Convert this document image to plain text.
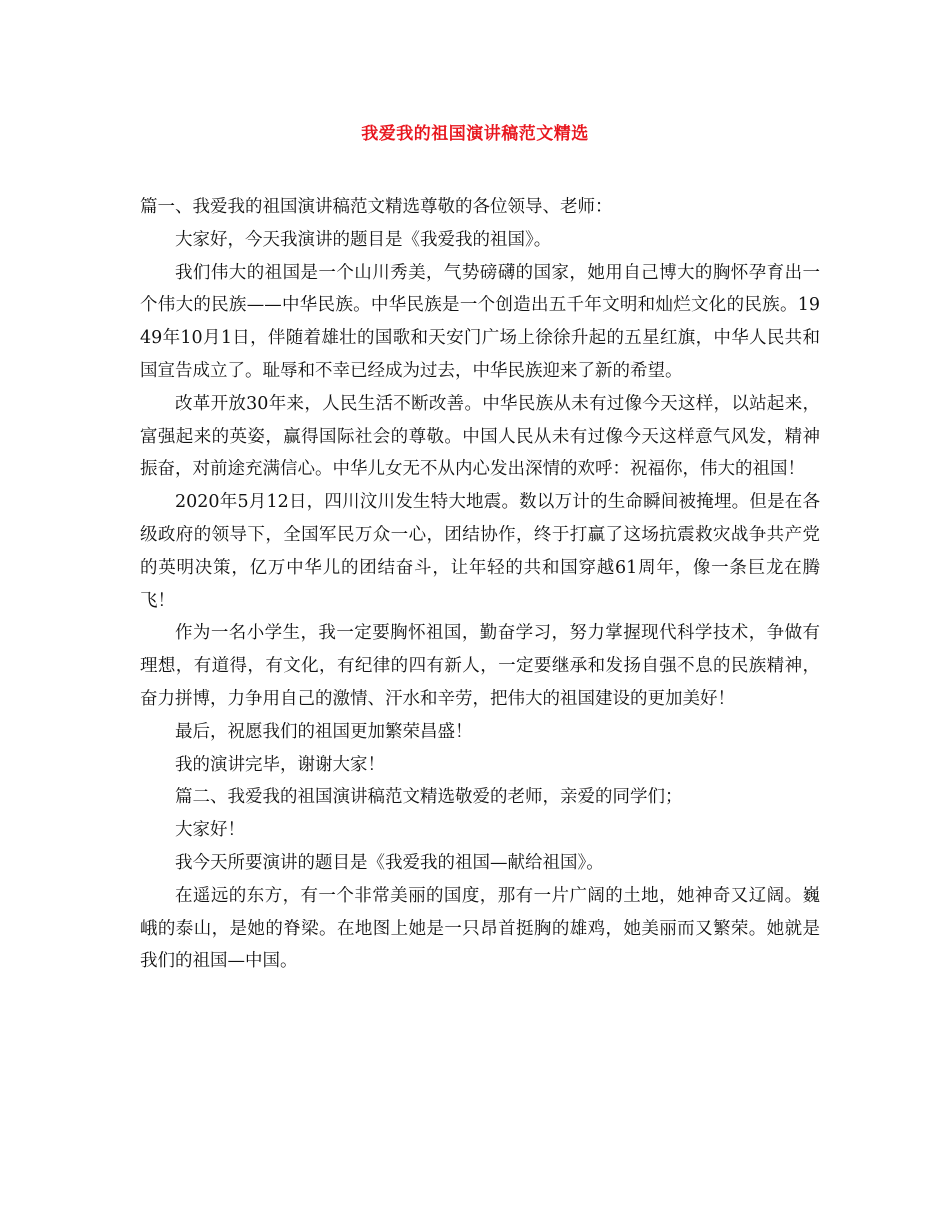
我爱我的祖国演讲稿范文精选

篇一、我爱我的祖国演讲稿范文精选尊敬的各位领导、老师：

大家好，今天我演讲的题目是《我爱我的祖国》。

我们伟大的祖国是一个山川秀美，气势磅礴的国家，她用自己博大的胸怀孕育出一个伟大的民族——中华民族。中华民族是一个创造出五千年文明和灿烂文化的民族。1949年10月1日，伴随着雄壮的国歌和天安门广场上徐徐升起的五星红旗，中华人民共和国宣告成立了。耻辱和不幸已经成为过去，中华民族迎来了新的希望。

改革开放30年来，人民生活不断改善。中华民族从未有过像今天这样，以站起来，富强起来的英姿，赢得国际社会的尊敬。中国人民从未有过像今天这样意气风发，精神振奋，对前途充满信心。中华儿女无不从内心发出深情的欢呼：祝福你，伟大的祖国！

2020年5月12日，四川汶川发生特大地震。数以万计的生命瞬间被掩埋。但是在各级政府的领导下，全国军民万众一心，团结协作，终于打赢了这场抗震救灾战争共产党的英明决策，亿万中华儿的团结奋斗，让年轻的共和国穿越61周年，像一条巨龙在腾飞！

作为一名小学生，我一定要胸怀祖国，勤奋学习，努力掌握现代科学技术，争做有理想，有道得，有文化，有纪律的四有新人，一定要继承和发扬自强不息的民族精神，奋力拼博，力争用自己的激情、汗水和辛劳，把伟大的祖国建设的更加美好！

最后，祝愿我们的祖国更加繁荣昌盛！

我的演讲完毕，谢谢大家！

篇二、我爱我的祖国演讲稿范文精选敬爱的老师，亲爱的同学们；

大家好！

我今天所要演讲的题目是《我爱我的祖国—献给祖国》。

在遥远的东方，有一个非常美丽的国度，那有一片广阔的土地，她神奇又辽阔。巍峨的泰山，是她的脊梁。在地图上她是一只昂首挺胸的雄鸡，她美丽而又繁荣。她就是我们的祖国—中国。
